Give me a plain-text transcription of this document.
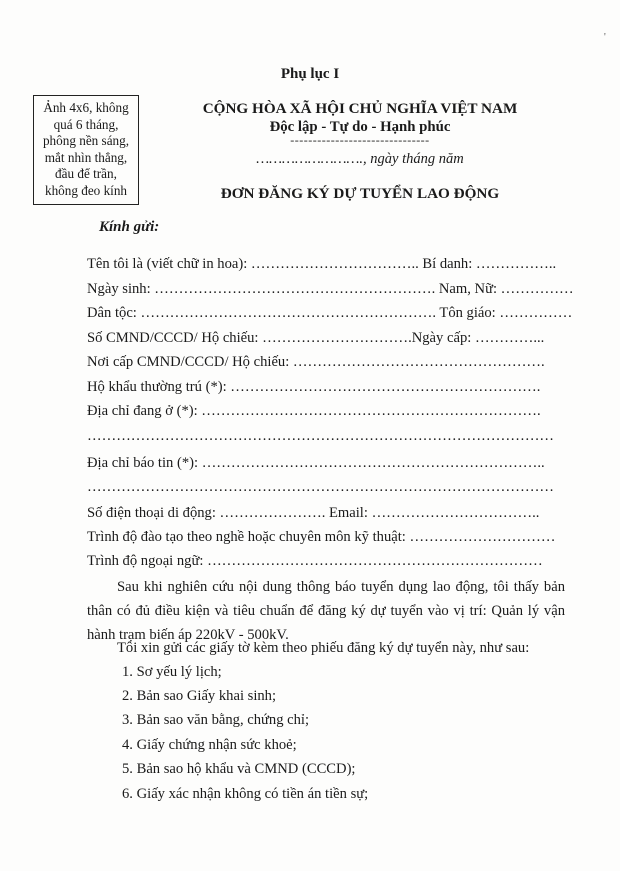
'
Phụ lục I
Ảnh 4x6, không
quá 6 tháng,
phông nền sáng,
mắt nhìn thẳng,
đầu để trần,
không đeo kính
CỘNG HÒA XÃ HỘI CHỦ NGHĨA VIỆT NAM
Độc lập - Tự do - Hạnh phúc
-------------------------------
……………………., ngày tháng năm
ĐƠN ĐĂNG KÝ DỰ TUYỂN LAO ĐỘNG
Kính gửi:
Tên tôi là (viết chữ in hoa): …………………………….. Bí danh: ……………..
Ngày sinh: …………………………………………………. Nam, Nữ: ……………
Dân tộc: ……………………………………………………. Tôn giáo: ……………
Số CMND/CCCD/ Hộ chiếu: ………………………….Ngày cấp: …………...
Nơi cấp CMND/CCCD/ Hộ chiếu: …………………………………………….
Hộ khẩu thường trú (*): ……………………………………………………….
Địa chỉ đang ở (*): …………………………………………………………….
……………………………………………………………………………………
Địa chỉ báo tin (*): ……………………………………………………………..
……………………………………………………………………………………
Số điện thoại di động: …………………. Email: ……………………………..
Trình độ đào tạo theo nghề hoặc chuyên môn kỹ thuật: …………………………
Trình độ ngoại ngữ: ……………………………………………………………
Sau khi nghiên cứu nội dung thông báo tuyển dụng lao động, tôi thấy bản thân có đủ điều kiện và tiêu chuẩn để đăng ký dự tuyển vào vị trí: Quản lý vận hành trạm biến áp 220kV - 500kV.
Tôi xin gửi các giấy tờ kèm theo phiếu đăng ký dự tuyển này, như sau:
1. Sơ yếu lý lịch;
2. Bản sao Giấy khai sinh;
3. Bản sao văn bằng, chứng chỉ;
4. Giấy chứng nhận sức khoẻ;
5. Bản sao hộ khẩu và CMND (CCCD);
6. Giấy xác nhận không có tiền án tiền sự;
